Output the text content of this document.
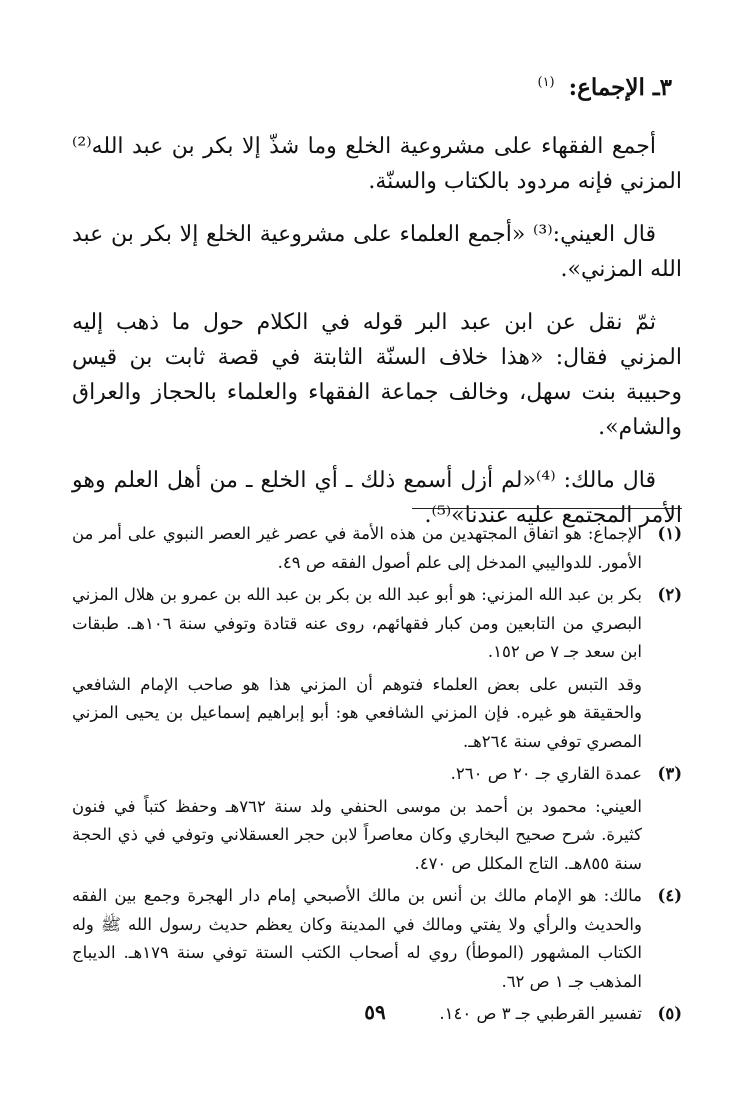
٣ـ الإجماع: $^{(١)}$

أجمع الفقهاء على مشروعية الخلع وما شذّ إلا بكر بن عبد الله⁽²⁾ المزني فإنه مردود بالكتاب والسنّة.

قال العيني:⁽³⁾ «أجمع العلماء على مشروعية الخلع إلا بكر بن عبد الله المزني».

ثمّ نقل عن ابن عبد البر قوله في الكلام حول ما ذهب إليه المزني فقال: «هذا خلاف السنّة الثابتة في قصة ثابت بن قيس وحبيبة بنت سهل، وخالف جماعة الفقهاء والعلماء بالحجاز والعراق والشام».

قال مالك: ⁽⁴⁾«لم أزل أسمع ذلك ـ أي الخلع ـ من أهل العلم وهو الأمر المجتمع عليه عندنا»⁽⁵⁾.

(١)
الإجماع: هو اتفاق المجتهدين من هذه الأمة في عصر غير العصر النبوي على أمر من الأمور. للدواليبي المدخل إلى علم أصول الفقه ص ٤٩.
(٢)
بكر بن عبد الله المزني: هو أبو عبد الله بن بكر بن عبد الله بن عمرو بن هلال المزني البصري من التابعين ومن كبار فقهائهم، روى عنه قتادة وتوفي سنة ١٠٦هـ. طبقات ابن سعد جـ ٧ ص ١٥٢.
وقد التبس على بعض العلماء فتوهم أن المزني هذا هو صاحب الإمام الشافعي والحقيقة هو غيره. فإن المزني الشافعي هو: أبو إبراهيم إسماعيل بن يحيى المزني المصري توفي سنة ٢٦٤هـ.
(٣)
عمدة القاري جـ ٢٠ ص ٢٦٠.
العيني: محمود بن أحمد بن موسى الحنفي ولد سنة ٧٦٢هـ وحفظ كتباً في فنون كثيرة. شرح صحيح البخاري وكان معاصراً لابن حجر العسقلاني وتوفي في ذي الحجة سنة ٨٥٥هـ. التاج المكلل ص ٤٧٠.
(٤)
مالك: هو الإمام مالك بن أنس بن مالك الأصبحي إمام دار الهجرة وجمع بين الفقه والحديث والرأي ولا يفتي ومالك في المدينة وكان يعظم حديث رسول الله ﷺ وله الكتاب المشهور (الموطأ) روي له أصحاب الكتب الستة توفي سنة ١٧٩هـ. الديباج المذهب جـ ١ ص ٦٢.
(٥)
تفسير القرطبي جـ ٣ ص ١٤٠.
٥٩
